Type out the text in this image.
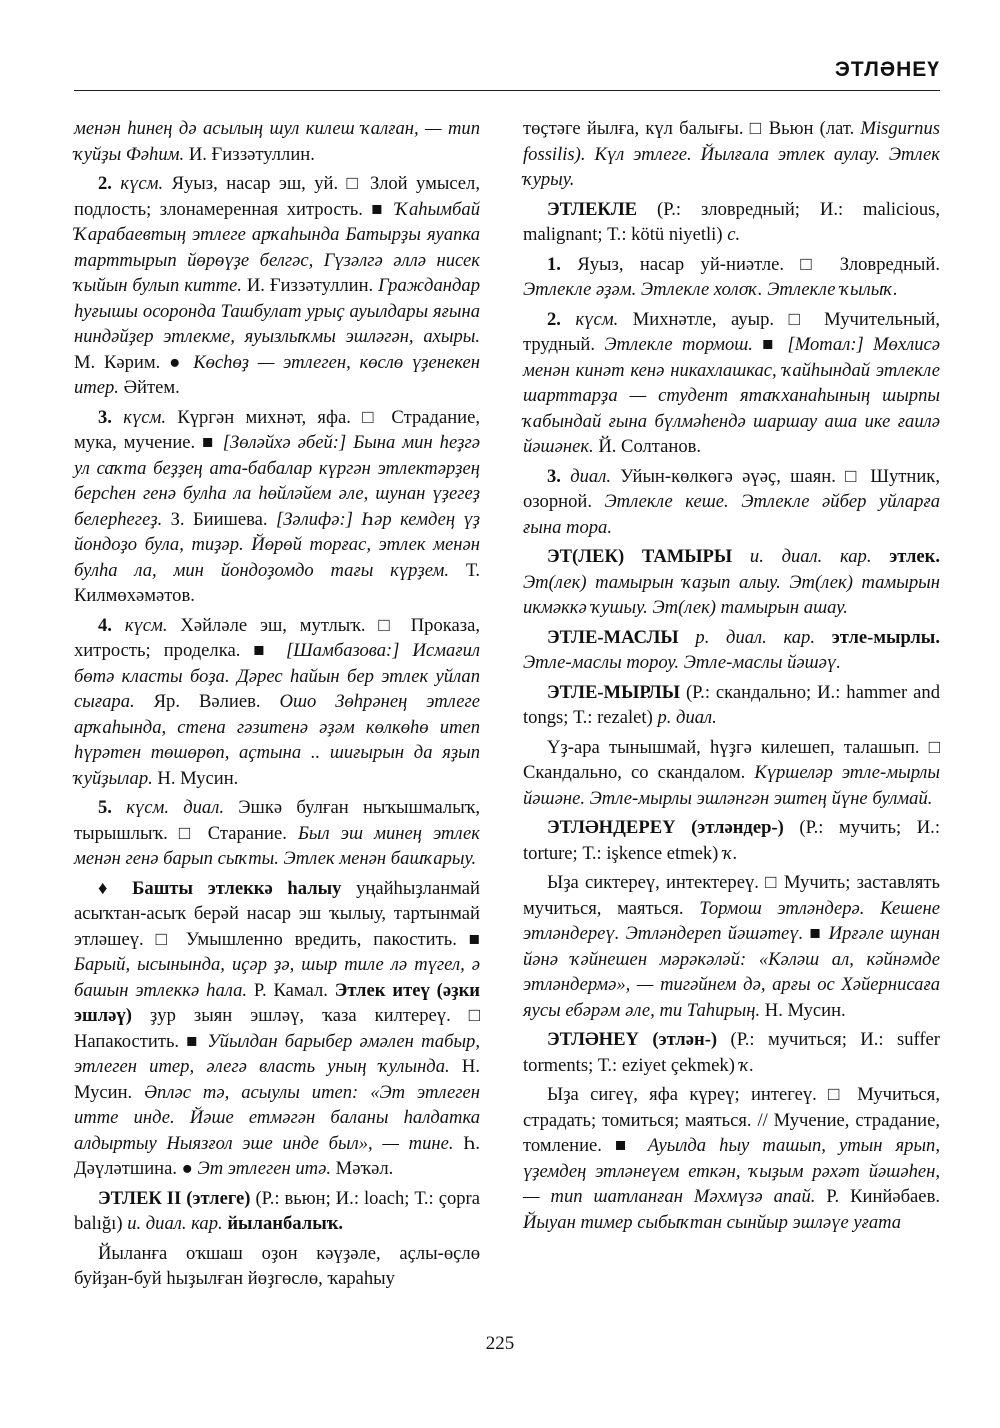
ЭТЛӘНЕҮ

менән һинең дә асылың шул килеш ҡалған, — тип ҡуйҙы Фәһим. И. Ғиззәтуллин.

2. күсм. Яуыз, насар эш, уй. □ Злой умысел, подлость; злонамеренная хитрость. ■ Ҡаһымбай Ҡарабаевтың этлеге арҡаһында Батырҙы яуапка тарттырып йөрөүҙе белгәс, Гүзәлгә әллә нисек ҡыйын булып китте. И. Ғиззәтуллин. Граждандар һуғышы осоронда Ташбулат урыҫ ауылдары яғына ниндәйҙер этлекме, яуызлыҡмы эшләгән, ахыры. М. Кәрим. ● Көсһөҙ — этлеген, көслө үҙенекен итер. Әйтем.

3. күсм. Күргән михнәт, яфа. □ Страдание, мука, мучение. ■ [Зөләйхә әбей:] Бына мин һеҙгә ул саҡта беҙҙең ата-бабалар күргән этлектәрҙең берсһен генә булһа ла һөйләйем әле, шунан үҙегеҙ белерһегеҙ. З. Биишева. [Зәлифә:] Һәр кемдең үҙ йондоҙо була, тиҙәр. Йөрөй торғас, этлек менән булһа ла, мин йондоҙомдо тағы күрҙем. Т. Килмөхәмәтов.

4. күсм. Хәйләле эш, мутлыҡ. □ Проказа, хитрость; проделка. ■ [Шамбазова:] Исмағил бөтә класты боҙа. Дәрес һайын бер этлек уйлап сығара. Яр. Вәлиев. Ошо Зөһрәнең этлеге арҡаһында, стена гәзитенә әҙәм көлкөһө итеп һүрәтен төшөрөп, аҫтына .. шиғырын да яҙып ҡуйҙылар. Н. Мусин.

5. күсм. диал. Эшкә булған ныҡышмалыҡ, тырышлыҡ. □ Старание. Был эш минең этлек менән генә барып сыҡты. Этлек менән башҡарыу.

♦ Башты этлеккә һалыу уңайһыҙланмай асыҡтан-асыҡ берәй насар эш ҡылыу, тартынмай этләшеү. □ Умышленно вредить, пакостить. ■ Барый, ысынында, иҫәр ҙә, шыр тиле лә түгел, ә башын этлеккә һала. Р. Камал. Этлек итеү (әҙки эшләү) ҙур зыян эшләү, ҡаза килтереү. □ Напакостить. ■ Уйылдан барыбер әмәлен табыр, этлеген итер, әлегә власть уның ҡулында. Н. Мусин. Әпләс тә, асыулы итеп: «Эт этлеген итте инде. Йәше етмәгән баланы һалдатка алдыртыу Ныязғол эше инде был», — тине. Һ. Дәүләтшина. ● Эт этлеген итә. Мәҡәл.

ЭТЛЕК II (этлеге) (Р.: вьюн; И.: loach; Т.: çopra balığı) и. диал. кар. йыланбалыҡ.

Йыланға оҡшаш оҙон кәүҙәле, аҫлы-өҫлө буйҙан-буй һыҙылған йөҙгөслө, ҡараһыу

төҫтәге йылға, күл балығы. □ Вьюн (лат. Misgurnus fossilis). Күл этлеге. Йылғала этлек аулау. Этлек ҡурыу.

ЭТЛЕКЛЕ (Р.: зловредный; И.: malicious, malignant; Т.: kötü niyetli) с.

1. Яуыз, насар уй-ниәтле. □ Зловредный. Этлекле әҙәм. Этлекле холоҡ. Этлекле ҡылыҡ.

2. күсм. Михнәтле, ауыр. □ Мучительный, трудный. Этлекле тормош. ■ [Мотал:] Мөхлисә менән кинәт кенә никахлашкас, ҡайһындай этлекле шарттарҙа — студент ятаҡханаһының шырпы ҡабындай ғына бүлмәһендә шаршау аша ике ғаилә йәшәнек. Й. Солтанов.

3. диал. Уйын-көлкөгә әүәҫ, шаян. □ Шутник, озорной. Этлекле кеше. Этлекле әйбер уйларға ғына тора.

ЭТ(ЛЕК) ТАМЫРЫ и. диал. кар. этлек. Эт(лек) тамырын ҡаҙып алыу. Эт(лек) тамырын икмәккә ҡушыу. Эт(лек) тамырын ашау.

ЭТЛЕ-МАСЛЫ р. диал. кар. этле-мырлы. Этле-маслы тороу. Этле-маслы йәшәү.

ЭТЛЕ-МЫРЛЫ (Р.: скандально; И.: hammer and tongs; Т.: rezalet) р. диал.

Үҙ-ара тынышмай, һүҙгә килешеп, талашып. □ Скандально, со скандалом. Күршеләр этле-мырлы йәшәне. Этле-мырлы эшләнгән эштең йүне булмай.

ЭТЛӘНДЕРЕҮ (этләндер-) (Р.: мучить; И.: torture; Т.: işkence etmek) ҡ.

Ыҙа сиктереү, интектереү. □ Мучить; заставлять мучиться, маяться. Тормош этләндерә. Кешене этләндереү. Этләндереп йәшәтеү. ■ Ирғәле шунан йәнә ҡәйнешен мәрәкәләй: «Кәләш ал, кәйнәмде этләндермә», — тигәйнем дә, арғы ос Хәйернисаға яусы ебәрәм әле, ти Таһирың. Н. Мусин.

ЭТЛӘНЕҮ (этлән-) (Р.: мучиться; И.: suffer torments; Т.: eziyet çekmek) ҡ.

Ыҙа сигеү, яфа күреү; интегеү. □ Мучиться, страдать; томиться; маяться. // Мучение, страдание, томление. ■ Ауылда һыу ташып, утын ярып, үҙемдең этләнеүем еткән, ҡыҙым рәхәт йәшәһен, — тип шатланған Мәхмүзә апай. Р. Кинйәбаев. Йыуан тимер сыбыҡтан сынйыр эшләүе уғата

225
